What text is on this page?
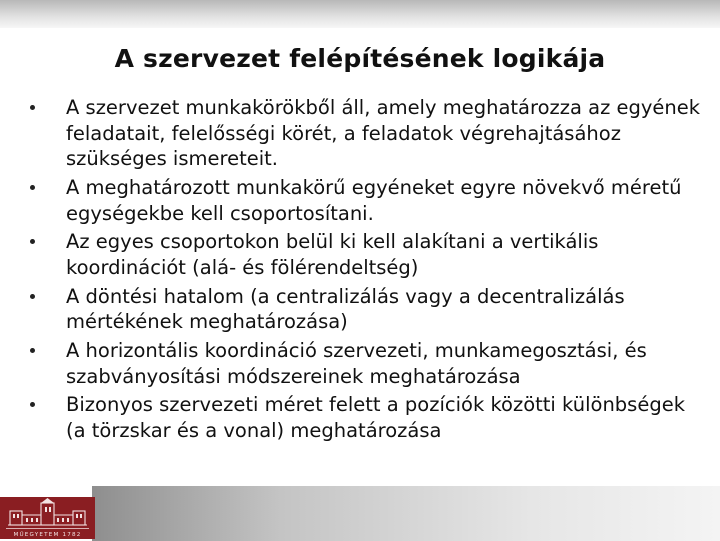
A szervezet felépítésének logikája
A szervezet munkakörökből áll, amely meghatározza az egyének feladatait, felelősségi körét, a feladatok végrehajtásához szükséges ismereteit.
A meghatározott munkakörű egyéneket egyre növekvő méretű egységekbe kell csoportosítani.
Az egyes csoportokon belül ki kell alakítani a vertikális koordinációt (alá- és fölérendeltség)
A döntési hatalom (a centralizálás vagy a decentralizálás mértékének meghatározása)
A horizontális koordináció szervezeti, munkamegosztási, és szabványosítási módszereinek meghatározása
Bizonyos szervezeti méret felett a pozíciók közötti különbségek (a törzskar és a vonal) meghatározása
MŰEGYETEM 1782
